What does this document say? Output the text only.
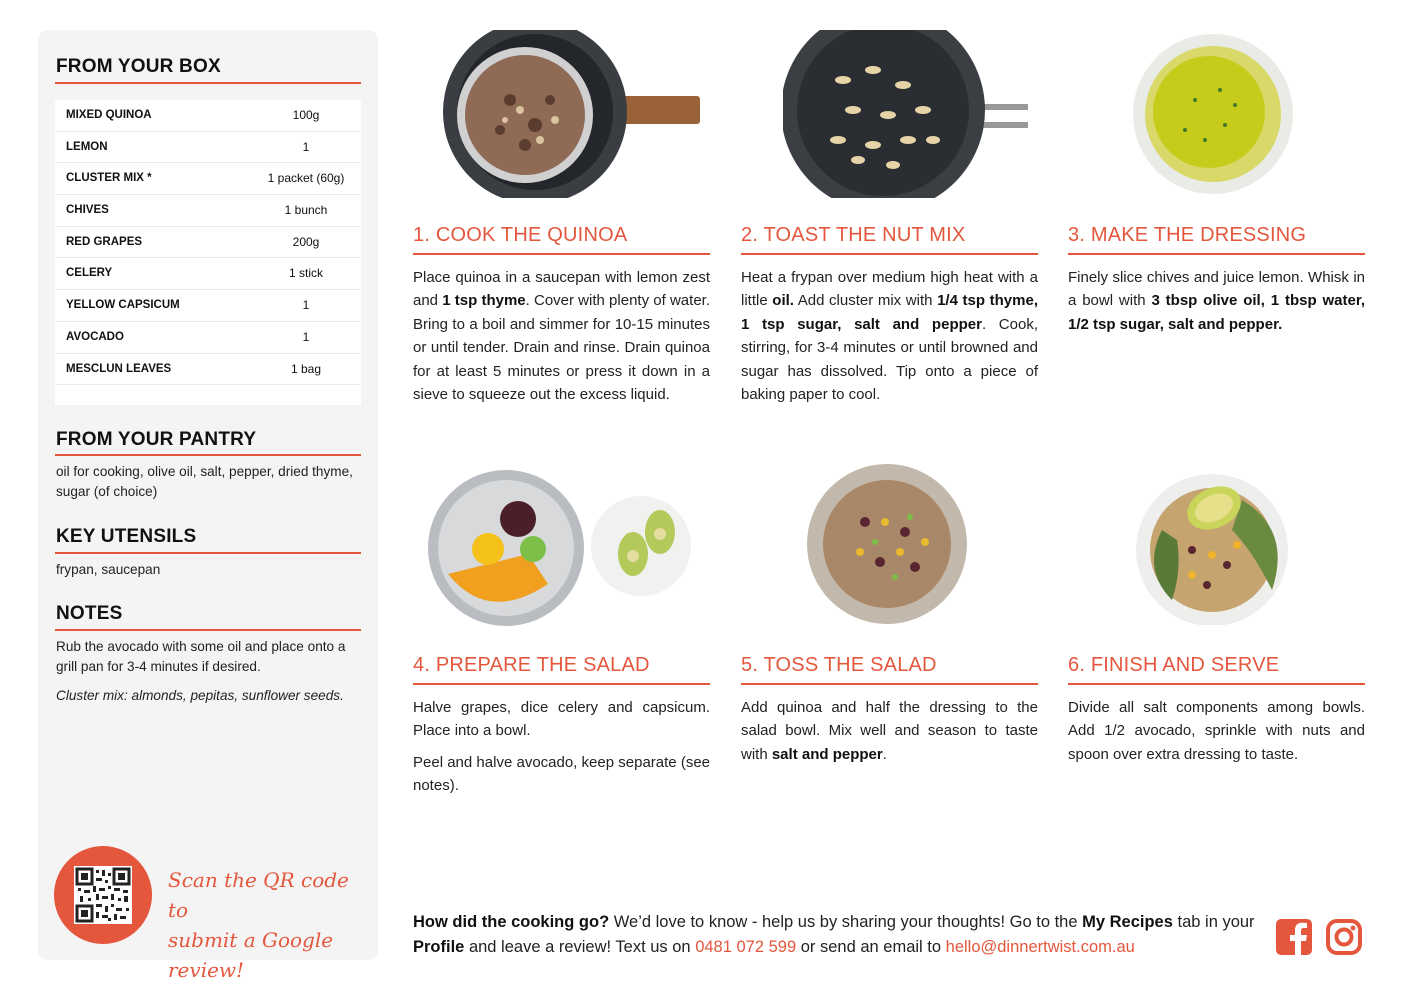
FROM YOUR BOX
MIXED QUINOA	100g
LEMON	1
CLUSTER MIX *	1 packet (60g)
CHIVES	1 bunch
RED GRAPES	200g
CELERY	1 stick
YELLOW CAPSICUM	1
AVOCADO	1
MESCLUN LEAVES	1 bag
FROM YOUR PANTRY
oil for cooking, olive oil, salt, pepper, dried thyme, sugar (of choice)
KEY UTENSILS
frypan, saucepan
NOTES
Rub the avocado with some oil and place onto a grill pan for 3-4 minutes if desired.
Cluster mix: almonds, pepitas, sunflower seeds.
Scan the QR code to
submit a Google review!
1. COOK THE QUINOA

Place quinoa in a saucepan with lemon zest and 1 tsp thyme. Cover with plenty of water. Bring to a boil and simmer for 10-15 minutes or until tender. Drain and rinse. Drain quinoa for at least 5 minutes or press it down in a sieve to squeeze out the excess liquid.

2. TOAST THE NUT MIX

Heat a frypan over medium high heat with a little oil. Add cluster mix with 1/4 tsp thyme, 1 tsp sugar, salt and pepper. Cook, stirring, for 3-4 minutes or until browned and sugar has dissolved. Tip onto a piece of baking paper to cool.

3. MAKE THE DRESSING

Finely slice chives and juice lemon. Whisk in a bowl with 3 tbsp olive oil, 1 tbsp water, 1/2 tsp sugar, salt and pepper.

4. PREPARE THE SALAD

Halve grapes, dice celery and capsicum. Place into a bowl.

Peel and halve avocado, keep separate (see notes).

5. TOSS THE SALAD

Add quinoa and half the dressing to the salad bowl. Mix well and season to taste with salt and pepper.

6. FINISH AND SERVE

Divide all salt components among bowls. Add 1/2 avocado, sprinkle with nuts and spoon over extra dressing to taste.

How did the cooking go? We’d love to know - help us by sharing your thoughts! Go to the My Recipes tab in your Profile and leave a review! Text us on 0481 072 599 or send an email to hello@dinnertwist.com.au
